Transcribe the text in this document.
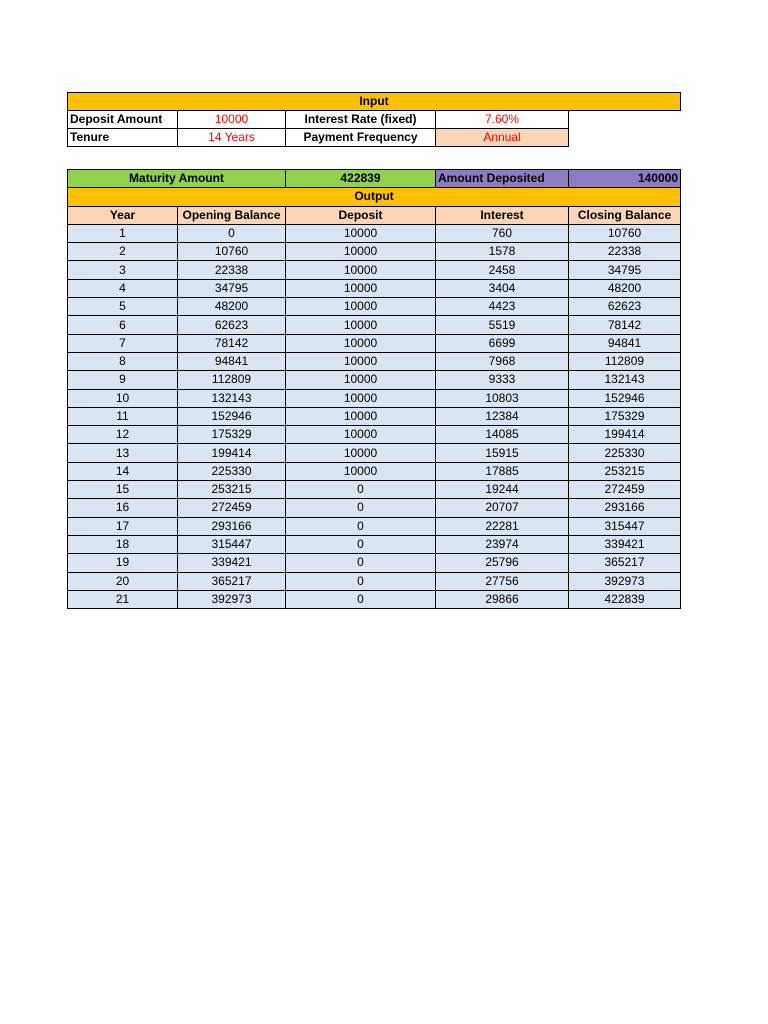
Input				
Deposit Amount	10000	Interest Rate (fixed)	7.60%	
Tenure	14 Years	Payment Frequency	Annual	
Maturity Amount		422839	Amount Deposited	140000
Output				
Year	Opening Balance	Deposit	Interest	Closing Balance
1	0	10000	760	10760
2	10760	10000	1578	22338
3	22338	10000	2458	34795
4	34795	10000	3404	48200
5	48200	10000	4423	62623
6	62623	10000	5519	78142
7	78142	10000	6699	94841
8	94841	10000	7968	112809
9	112809	10000	9333	132143
10	132143	10000	10803	152946
11	152946	10000	12384	175329
12	175329	10000	14085	199414
13	199414	10000	15915	225330
14	225330	10000	17885	253215
15	253215	0	19244	272459
16	272459	0	20707	293166
17	293166	0	22281	315447
18	315447	0	23974	339421
19	339421	0	25796	365217
20	365217	0	27756	392973
21	392973	0	29866	422839
